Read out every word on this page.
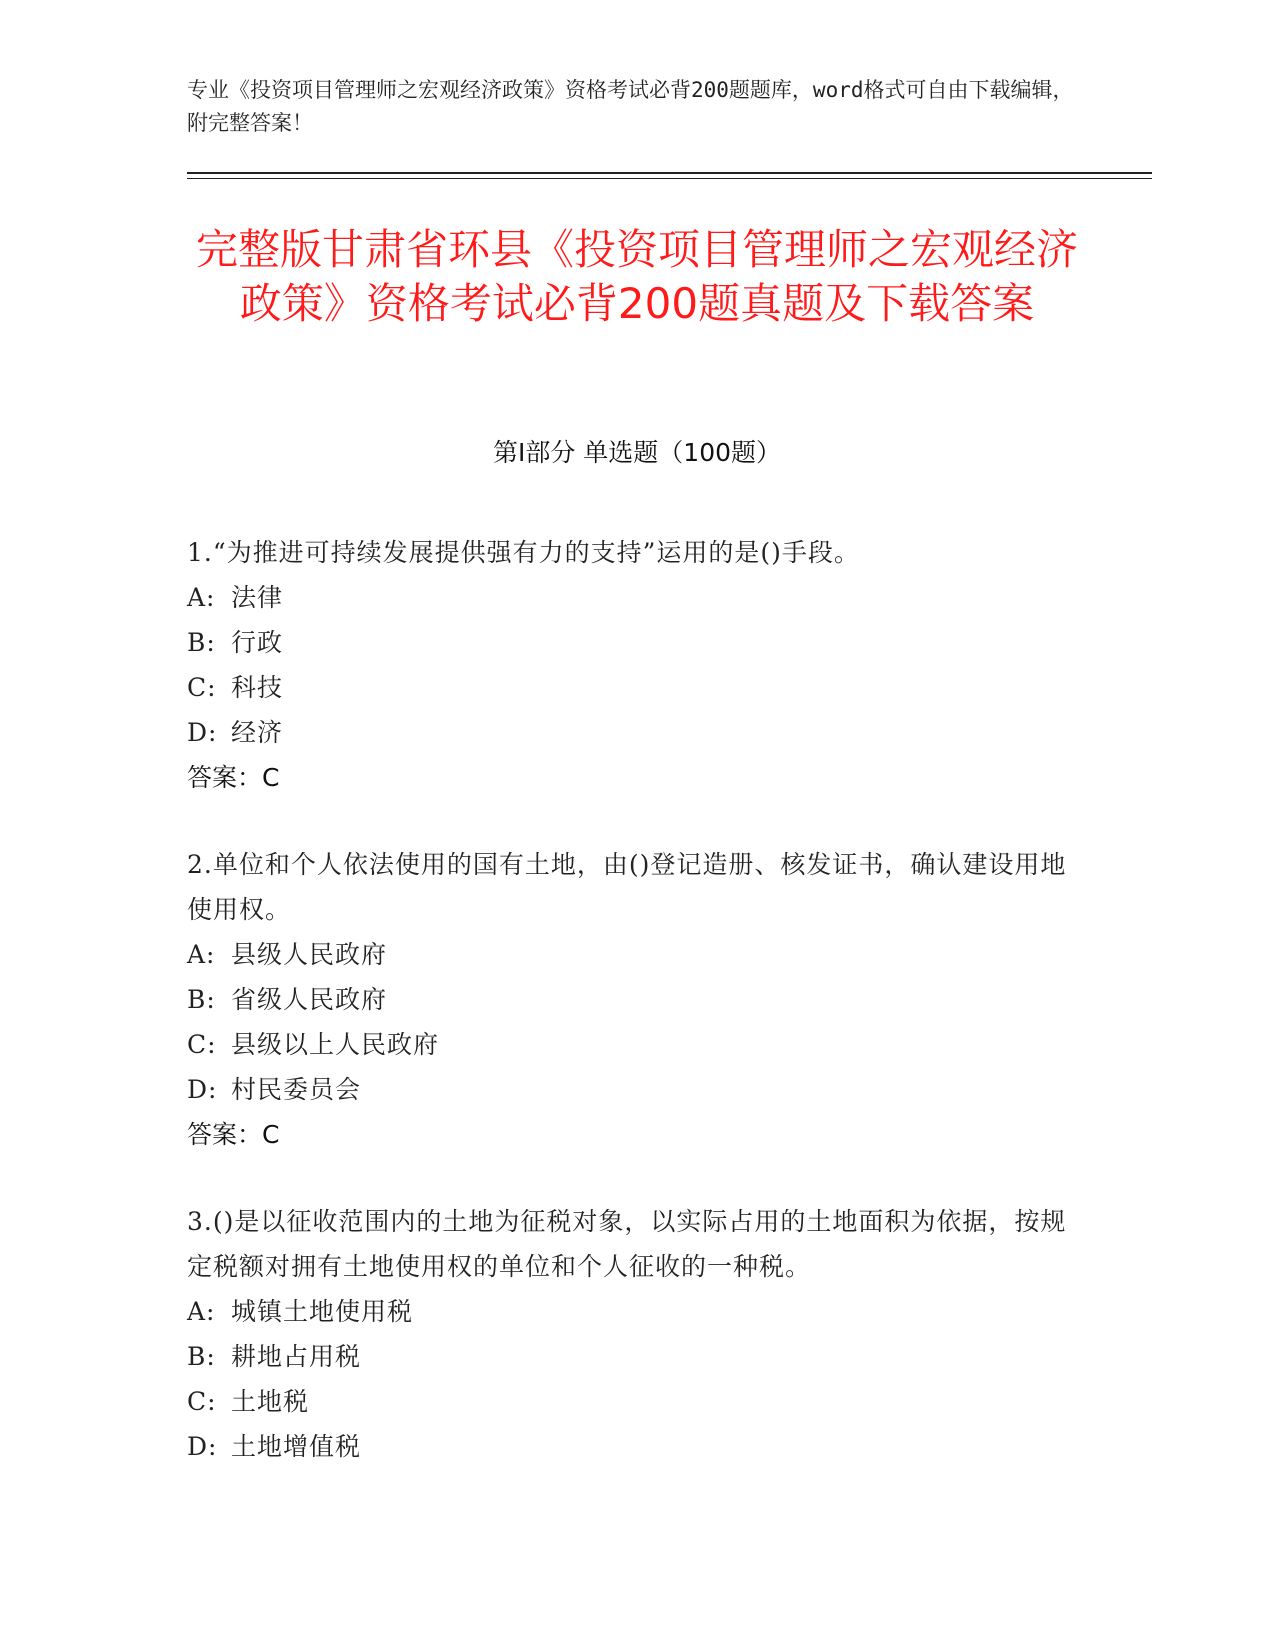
专业《投资项目管理师之宏观经济政策》资格考试必背200题题库，word格式可自由下载编辑，附完整答案！
完整版甘肃省环县《投资项目管理师之宏观经济政策》资格考试必背200题真题及下载答案
第Ⅰ部分 单选题（100题）
1.“为推进可持续发展提供强有力的支持”运用的是()手段。
A: 法律
B: 行政
C: 科技
D: 经济
答案：C
2.单位和个人依法使用的国有土地，由()登记造册、核发证书，确认建设用地使用权。
A: 县级人民政府
B: 省级人民政府
C: 县级以上人民政府
D: 村民委员会
答案：C
3.()是以征收范围内的土地为征税对象，以实际占用的土地面积为依据，按规定税额对拥有土地使用权的单位和个人征收的一种税。
A: 城镇土地使用税
B: 耕地占用税
C: 土地税
D: 土地增值税
